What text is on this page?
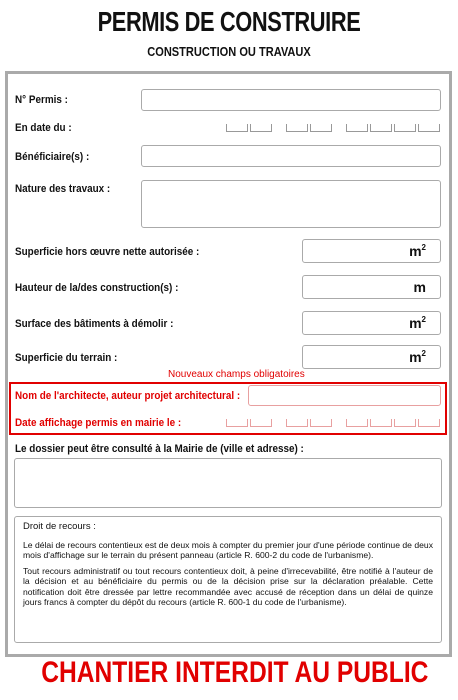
PERMIS DE CONSTRUIRE
CONSTRUCTION OU TRAVAUX
N° Permis :
En date du :
Bénéficiaire(s) :
Nature des travaux :
Superficie hors œuvre nette autorisée :	$m^2$
Hauteur de la/des construction(s) :	m
Surface des bâtiments à démolir :	$m^2$
Superficie du terrain :	$m^2$
Nouveaux champs obligatoires
Nom de l'architecte, auteur projet architectural :
Date affichage permis en mairie le :
Le dossier peut être consulté à la Mairie de (ville et adresse) :

Droit de recours :

Le délai de recours contentieux est de deux mois à compter du premier jour d'une période continue de deux mois d'affichage sur le terrain du présent panneau (article R. 600-2 du code de l'urbanisme).

Tout recours administratif ou tout recours contentieux doit, à peine d'irrecevabilité, être notifié à l'auteur de la décision et au bénéficiaire du permis ou de la décision prise sur la déclaration préalable. Cette notification doit être dressée par lettre recommandée avec accusé de réception dans un délai de quinze jours francs à compter du dépôt du recours (article R. 600-1 du code de l'urbanisme).

CHANTIER INTERDIT AU PUBLIC
